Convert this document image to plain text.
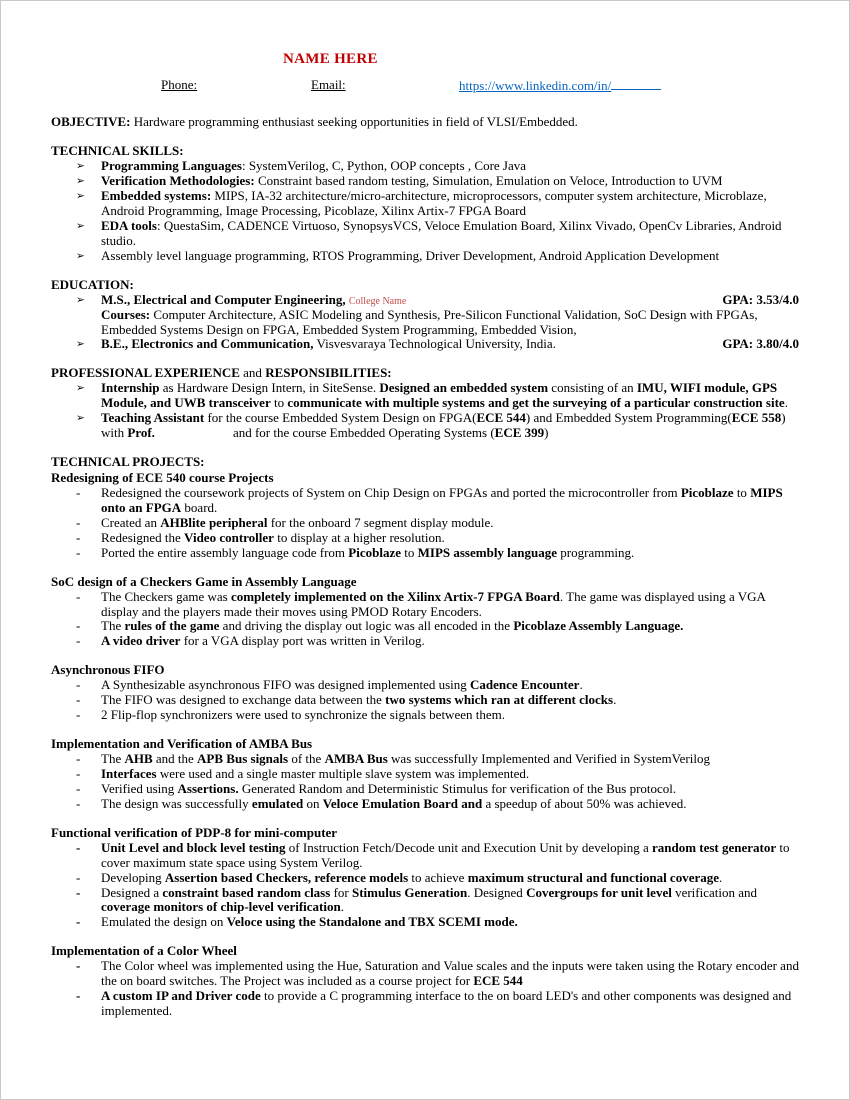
NAME HERE
Phone:	Email:	https://www.linkedin.com/in/
OBJECTIVE: Hardware programming enthusiast seeking opportunities in field of VLSI/Embedded.
TECHNICAL SKILLS:
➢ Programming Languages: SystemVerilog, C, Python, OOP concepts , Core Java
➢ Verification Methodologies: Constraint based random testing, Simulation, Emulation on Veloce, Introduction to UVM
➢ Embedded systems: MIPS, IA-32 architecture/micro-architecture, microprocessors, computer system architecture, Microblaze, Android Programming, Image Processing, Picoblaze, Xilinx Artix-7 FPGA Board
➢ EDA tools: QuestaSim, CADENCE Virtuoso, SynopsysVCS, Veloce Emulation Board, Xilinx Vivado, OpenCv Libraries, Android studio.
➢ Assembly level language programming, RTOS Programming, Driver Development, Android Application Development
EDUCATION:
➢ M.S., Electrical and Computer Engineering, College Name	GPA: 3.53/4.0
Courses: Computer Architecture, ASIC Modeling and Synthesis, Pre-Silicon Functional Validation, SoC Design with FPGAs, Embedded Systems Design on FPGA, Embedded System Programming, Embedded Vision,
➢ B.E., Electronics and Communication, Visvesvaraya Technological University, India.	GPA: 3.80/4.0
PROFESSIONAL EXPERIENCE and RESPONSIBILITIES:
➢ Internship as Hardware Design Intern, in SiteSense. Designed an embedded system consisting of an IMU, WIFI module, GPS Module, and UWB transceiver to communicate with multiple systems and get the surveying of a particular construction site.
➢ Teaching Assistant for the course Embedded System Design on FPGA(ECE 544) and Embedded System Programming(ECE 558) with Prof.                        and for the course Embedded Operating Systems (ECE 399)
TECHNICAL PROJECTS:
Redesigning of ECE 540 course Projects
- Redesigned the coursework projects of System on Chip Design on FPGAs and ported the microcontroller from Picoblaze to MIPS onto an FPGA board.
- Created an AHBlite peripheral for the onboard 7 segment display module.
- Redesigned the Video controller to display at a higher resolution.
- Ported the entire assembly language code from Picoblaze to MIPS assembly language programming.
SoC design of a Checkers Game in Assembly Language
- The Checkers game was completely implemented on the Xilinx Artix-7 FPGA Board. The game was displayed using a VGA display and the players made their moves using PMOD Rotary Encoders.
- The rules of the game and driving the display out logic was all encoded in the Picoblaze Assembly Language.
- A video driver for a VGA display port was written in Verilog.
Asynchronous FIFO
- A Synthesizable asynchronous FIFO was designed implemented using Cadence Encounter.
- The FIFO was designed to exchange data between the two systems which ran at different clocks.
- 2 Flip-flop synchronizers were used to synchronize the signals between them.
Implementation and Verification of AMBA Bus
- The AHB and the APB Bus signals of the AMBA Bus was successfully Implemented and Verified in SystemVerilog
- Interfaces were used and a single master multiple slave system was implemented.
- Verified using Assertions. Generated Random and Deterministic Stimulus for verification of the Bus protocol.
- The design was successfully emulated on Veloce Emulation Board and a speedup of about 50% was achieved.
Functional verification of PDP-8 for mini-computer
- Unit Level and block level testing of Instruction Fetch/Decode unit and Execution Unit by developing a random test generator to cover maximum state space using System Verilog.
- Developing Assertion based Checkers, reference models to achieve maximum structural and functional coverage.
- Designed a constraint based random class for Stimulus Generation. Designed Covergroups for unit level verification and coverage monitors of chip-level verification.
- Emulated the design on Veloce using the Standalone and TBX SCEMI mode.
Implementation of a Color Wheel
- The Color wheel was implemented using the Hue, Saturation and Value scales and the inputs were taken using the Rotary encoder and the on board switches. The Project was included as a course project for ECE 544
- A custom IP and Driver code to provide a C programming interface to the on board LED's and other components was designed and implemented.
